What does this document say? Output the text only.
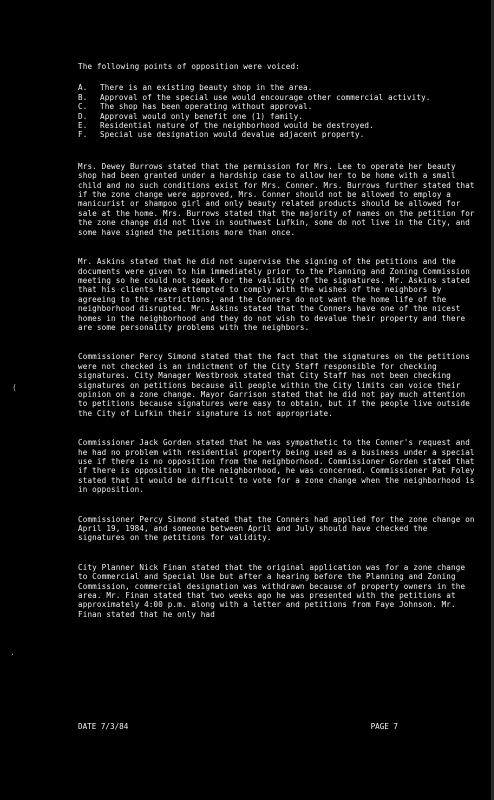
The following points of opposition were voiced:

A.	There is an existing beauty shop in the area.
B.	Approval of the special use would encourage other commercial activity.
C.	The shop has been operating without approval.
D.	Approval would only benefit one (1) family.
E.	Residential nature of the neighborhood would be destroyed.
F.	Special use designation would devalue adjacent property.

Mrs. Dewey Burrows stated that the permission for Mrs. Lee to operate her beauty shop had been granted under a hardship case to allow her to be home with a small child and no such conditions exist for Mrs. Conner. Mrs. Burrows further stated that if the zone change were approved, Mrs. Conner should not be allowed to employ a manicurist or shampoo girl and only beauty related products should be allowed for sale at the home. Mrs. Burrows stated that the majority of names on the petition for the zone change did not live in southwest Lufkin, some do not live in the City, and some have signed the petitions more than once.

Mr. Askins stated that he did not supervise the signing of the petitions and the documents were given to him immediately prior to the Planning and Zoning Commission meeting so he could not speak for the validity of the signatures. Mr. Askins stated that his clients have attempted to comply with the wishes of the neighbors by agreeing to the restrictions, and the Conners do not want the home life of the neighborhood disrupted. Mr. Askins stated that the Conners have one of the nicest homes in the neighborhood and they do not wish to devalue their property and there are some personality problems with the neighbors.

Commissioner Percy Simond stated that the fact that the signatures on the petitions were not checked is an indictment of the City Staff responsible for checking signatures. City Manager Westbrook stated that City Staff has not been checking signatures on petitions because all people within the City limits can voice their opinion on a zone change. Mayor Garrison stated that he did not pay much attention to petitions because signatures were easy to obtain, but if the people live outside the City of Lufkin their signature is not appropriate.

Commissioner Jack Gorden stated that he was sympathetic to the Conner's request and he had no problem with residential property being used as a business under a special use if there is no opposition from the neighborhood. Commissioner Gorden stated that if there is opposition in the neighborhood, he was concerned. Commissioner Pat Foley stated that it would be difficult to vote for a zone change when the neighborhood is in opposition.

Commissioner Percy Simond stated that the Conners had applied for the zone change on April 19, 1984, and someone between April and July should have checked the signatures on the petitions for validity.

City Planner Nick Finan stated that the original application was for a zone change to Commercial and Special Use but after a hearing before the Planning and Zoning Commission, commercial designation was withdrawn because of property owners in the area. Mr. Finan stated that two weeks ago he was presented with the petitions at approximately 4:00 p.m. along with a letter and petitions from Faye Johnson. Mr. Finan stated that he only had

DATE 7/3/84	PAGE 7
(
·
